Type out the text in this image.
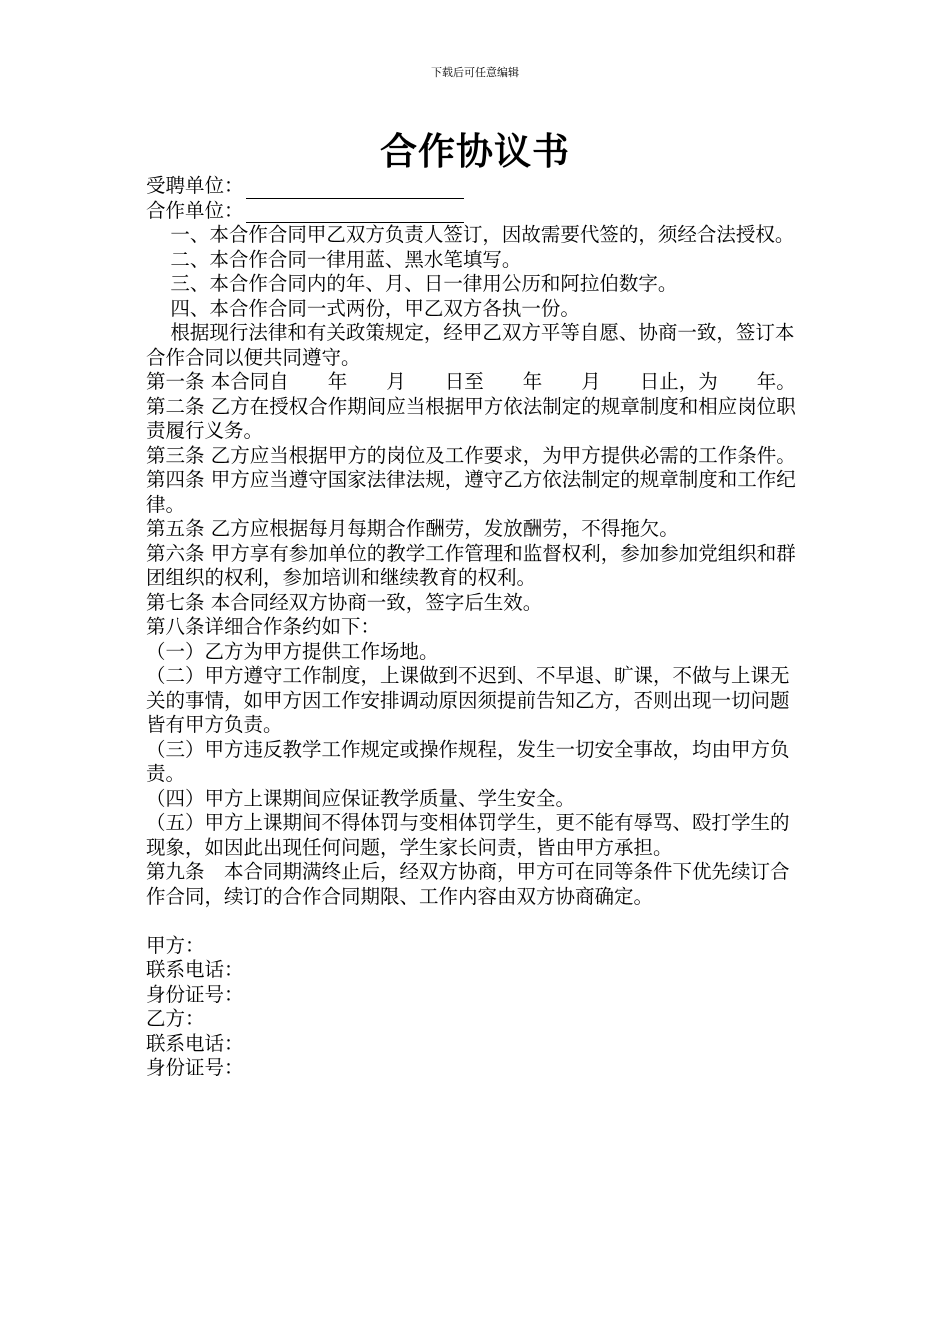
下载后可任意编辑
合作协议书
受聘单位：
合作单位：

一、本合作合同甲乙双方负责人签订，因故需要代签的，须经合法授权。

二、本合作合同一律用蓝、黑水笔填写。

三、本合作合同内的年、月、日一律用公历和阿拉伯数字。

四、本合作合同一式两份，甲乙双方各执一份。

根据现行法律和有关政策规定，经甲乙双方平等自愿、协商一致，签订本合作合同以便共同遵守。

第一条 本合同自　　年　　月　　日至　　年　　月　　日止，为　　年。

第二条 乙方在授权合作期间应当根据甲方依法制定的规章制度和相应岗位职责履行义务。

第三条 乙方应当根据甲方的岗位及工作要求，为甲方提供必需的工作条件。

第四条 甲方应当遵守国家法律法规，遵守乙方依法制定的规章制度和工作纪律。

第五条 乙方应根据每月每期合作酬劳，发放酬劳，不得拖欠。

第六条 甲方享有参加单位的教学工作管理和监督权利，参加参加党组织和群团组织的权利，参加培训和继续教育的权利。

第七条 本合同经双方协商一致，签字后生效。

第八条详细合作条约如下：

（一）乙方为甲方提供工作场地。

（二）甲方遵守工作制度，上课做到不迟到、不早退、旷课，不做与上课无关的事情，如甲方因工作安排调动原因须提前告知乙方，否则出现一切问题皆有甲方负责。

（三）甲方违反教学工作规定或操作规程，发生一切安全事故，均由甲方负责。

（四）甲方上课期间应保证教学质量、学生安全。

（五）甲方上课期间不得体罚与变相体罚学生，更不能有辱骂、殴打学生的现象，如因此出现任何问题，学生家长问责，皆由甲方承担。

第九条　本合同期满终止后，经双方协商，甲方可在同等条件下优先续订合作合同，续订的合作合同期限、工作内容由双方协商确定。

甲方：

联系电话：

身份证号：

乙方：

联系电话：

身份证号：
